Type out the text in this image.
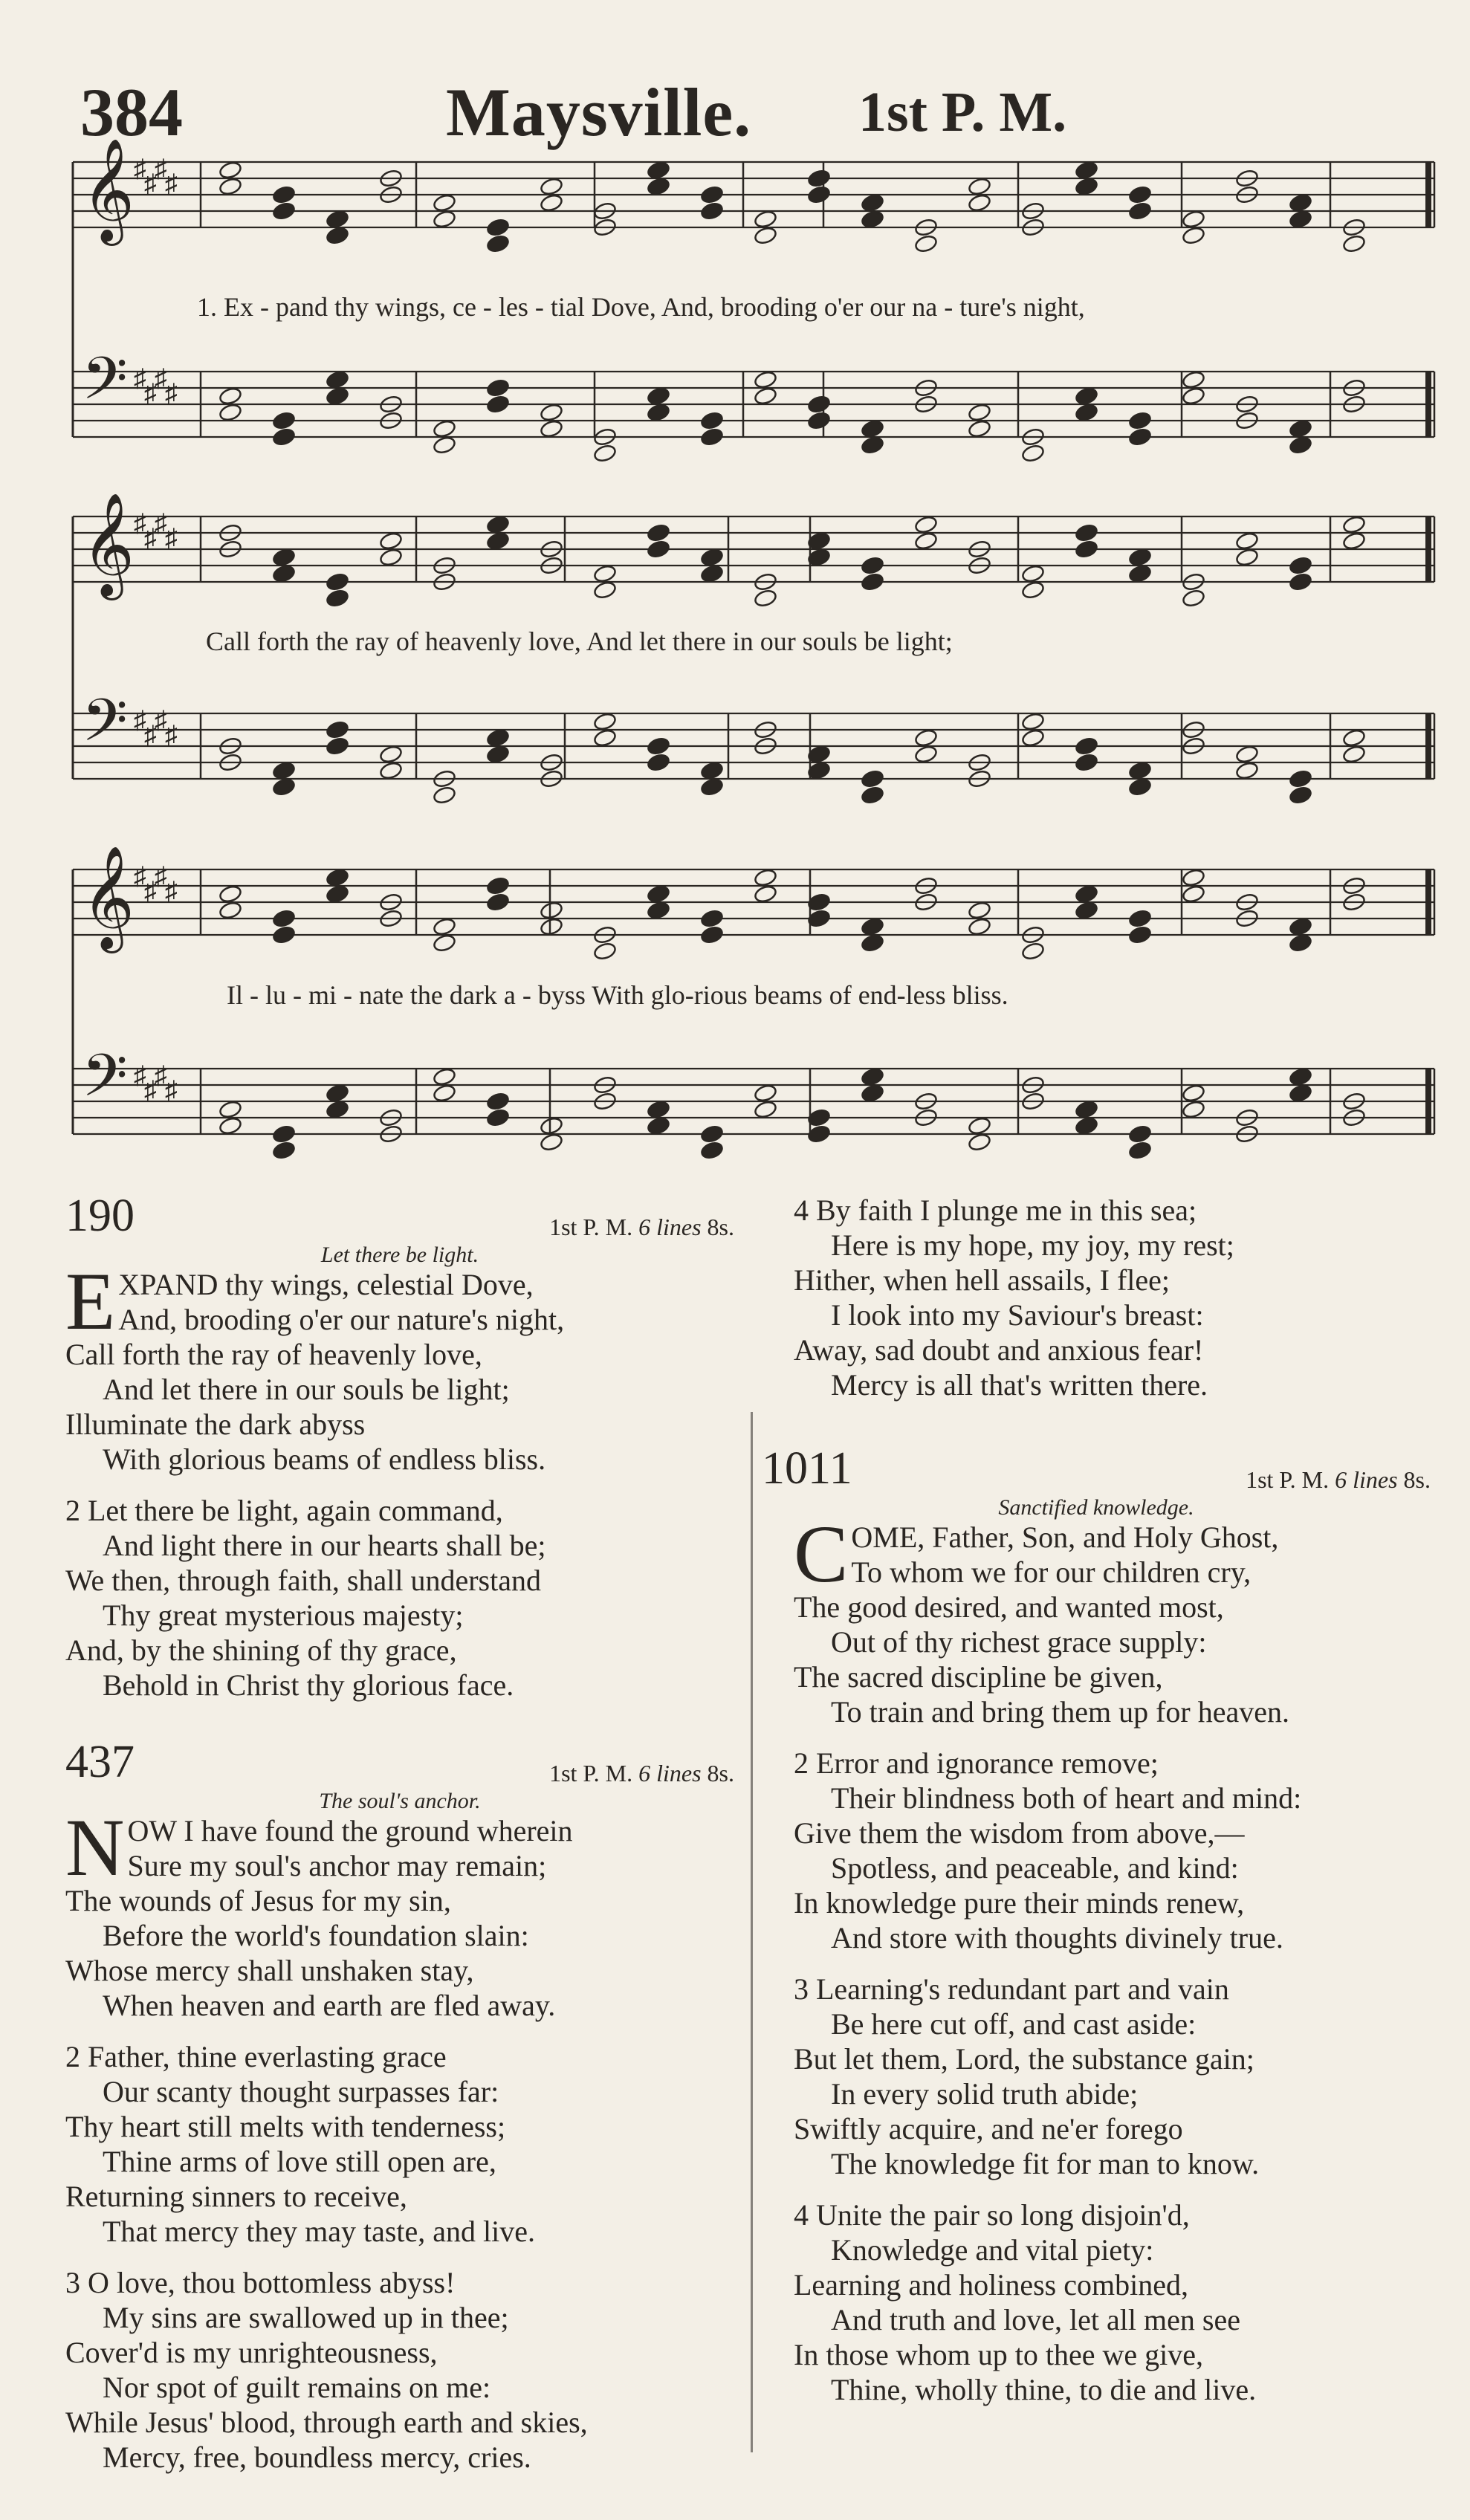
384	Maysville. 1st P. M.
𝄞 ♯
♯
♯
♯
𝄢 ♯
♯
♯
♯
𝄞 ♯
♯
♯
♯
𝄢 ♯
♯
♯
♯
𝄞 ♯
♯
♯
♯
𝄢 ♯
♯
♯
♯
1. Ex - pand thy wings, ce - les - tial Dove, And, brooding o'er our na - ture's night,
Call forth the ray of heavenly love, And let there in our souls be light;
Il - lu - mi - nate the dark a - byss With glo-rious beams of end-less bliss.
190	1st P. M. 6 lines 8s.
Let there be light.
E XPAND thy wings, celestial Dove,
And, brooding o'er our nature's night,
Call forth the ray of heavenly love,
And let there in our souls be light;
Illuminate the dark abyss
With glorious beams of endless bliss.
2 Let there be light, again command,
And light there in our hearts shall be;
We then, through faith, shall understand
Thy great mysterious majesty;
And, by the shining of thy grace,
Behold in Christ thy glorious face.
437	1st P. M. 6 lines 8s.
The soul's anchor.
N OW I have found the ground wherein
Sure my soul's anchor may remain;
The wounds of Jesus for my sin,
Before the world's foundation slain:
Whose mercy shall unshaken stay,
When heaven and earth are fled away.
2 Father, thine everlasting grace
Our scanty thought surpasses far:
Thy heart still melts with tenderness;
Thine arms of love still open are,
Returning sinners to receive,
That mercy they may taste, and live.
3 O love, thou bottomless abyss!
My sins are swallowed up in thee;
Cover'd is my unrighteousness,
Nor spot of guilt remains on me:
While Jesus' blood, through earth and skies,
Mercy, free, boundless mercy, cries.
4 By faith I plunge me in this sea;
Here is my hope, my joy, my rest;
Hither, when hell assails, I flee;
I look into my Saviour's breast:
Away, sad doubt and anxious fear!
Mercy is all that's written there.
1011	1st P. M. 6 lines 8s.
Sanctified knowledge.
C OME, Father, Son, and Holy Ghost,
To whom we for our children cry,
The good desired, and wanted most,
Out of thy richest grace supply:
The sacred discipline be given,
To train and bring them up for heaven.
2 Error and ignorance remove;
Their blindness both of heart and mind:
Give them the wisdom from above,—
Spotless, and peaceable, and kind:
In knowledge pure their minds renew,
And store with thoughts divinely true.
3 Learning's redundant part and vain
Be here cut off, and cast aside:
But let them, Lord, the substance gain;
In every solid truth abide;
Swiftly acquire, and ne'er forego
The knowledge fit for man to know.
4 Unite the pair so long disjoin'd,
Knowledge and vital piety:
Learning and holiness combined,
And truth and love, let all men see
In those whom up to thee we give,
Thine, wholly thine, to die and live.
